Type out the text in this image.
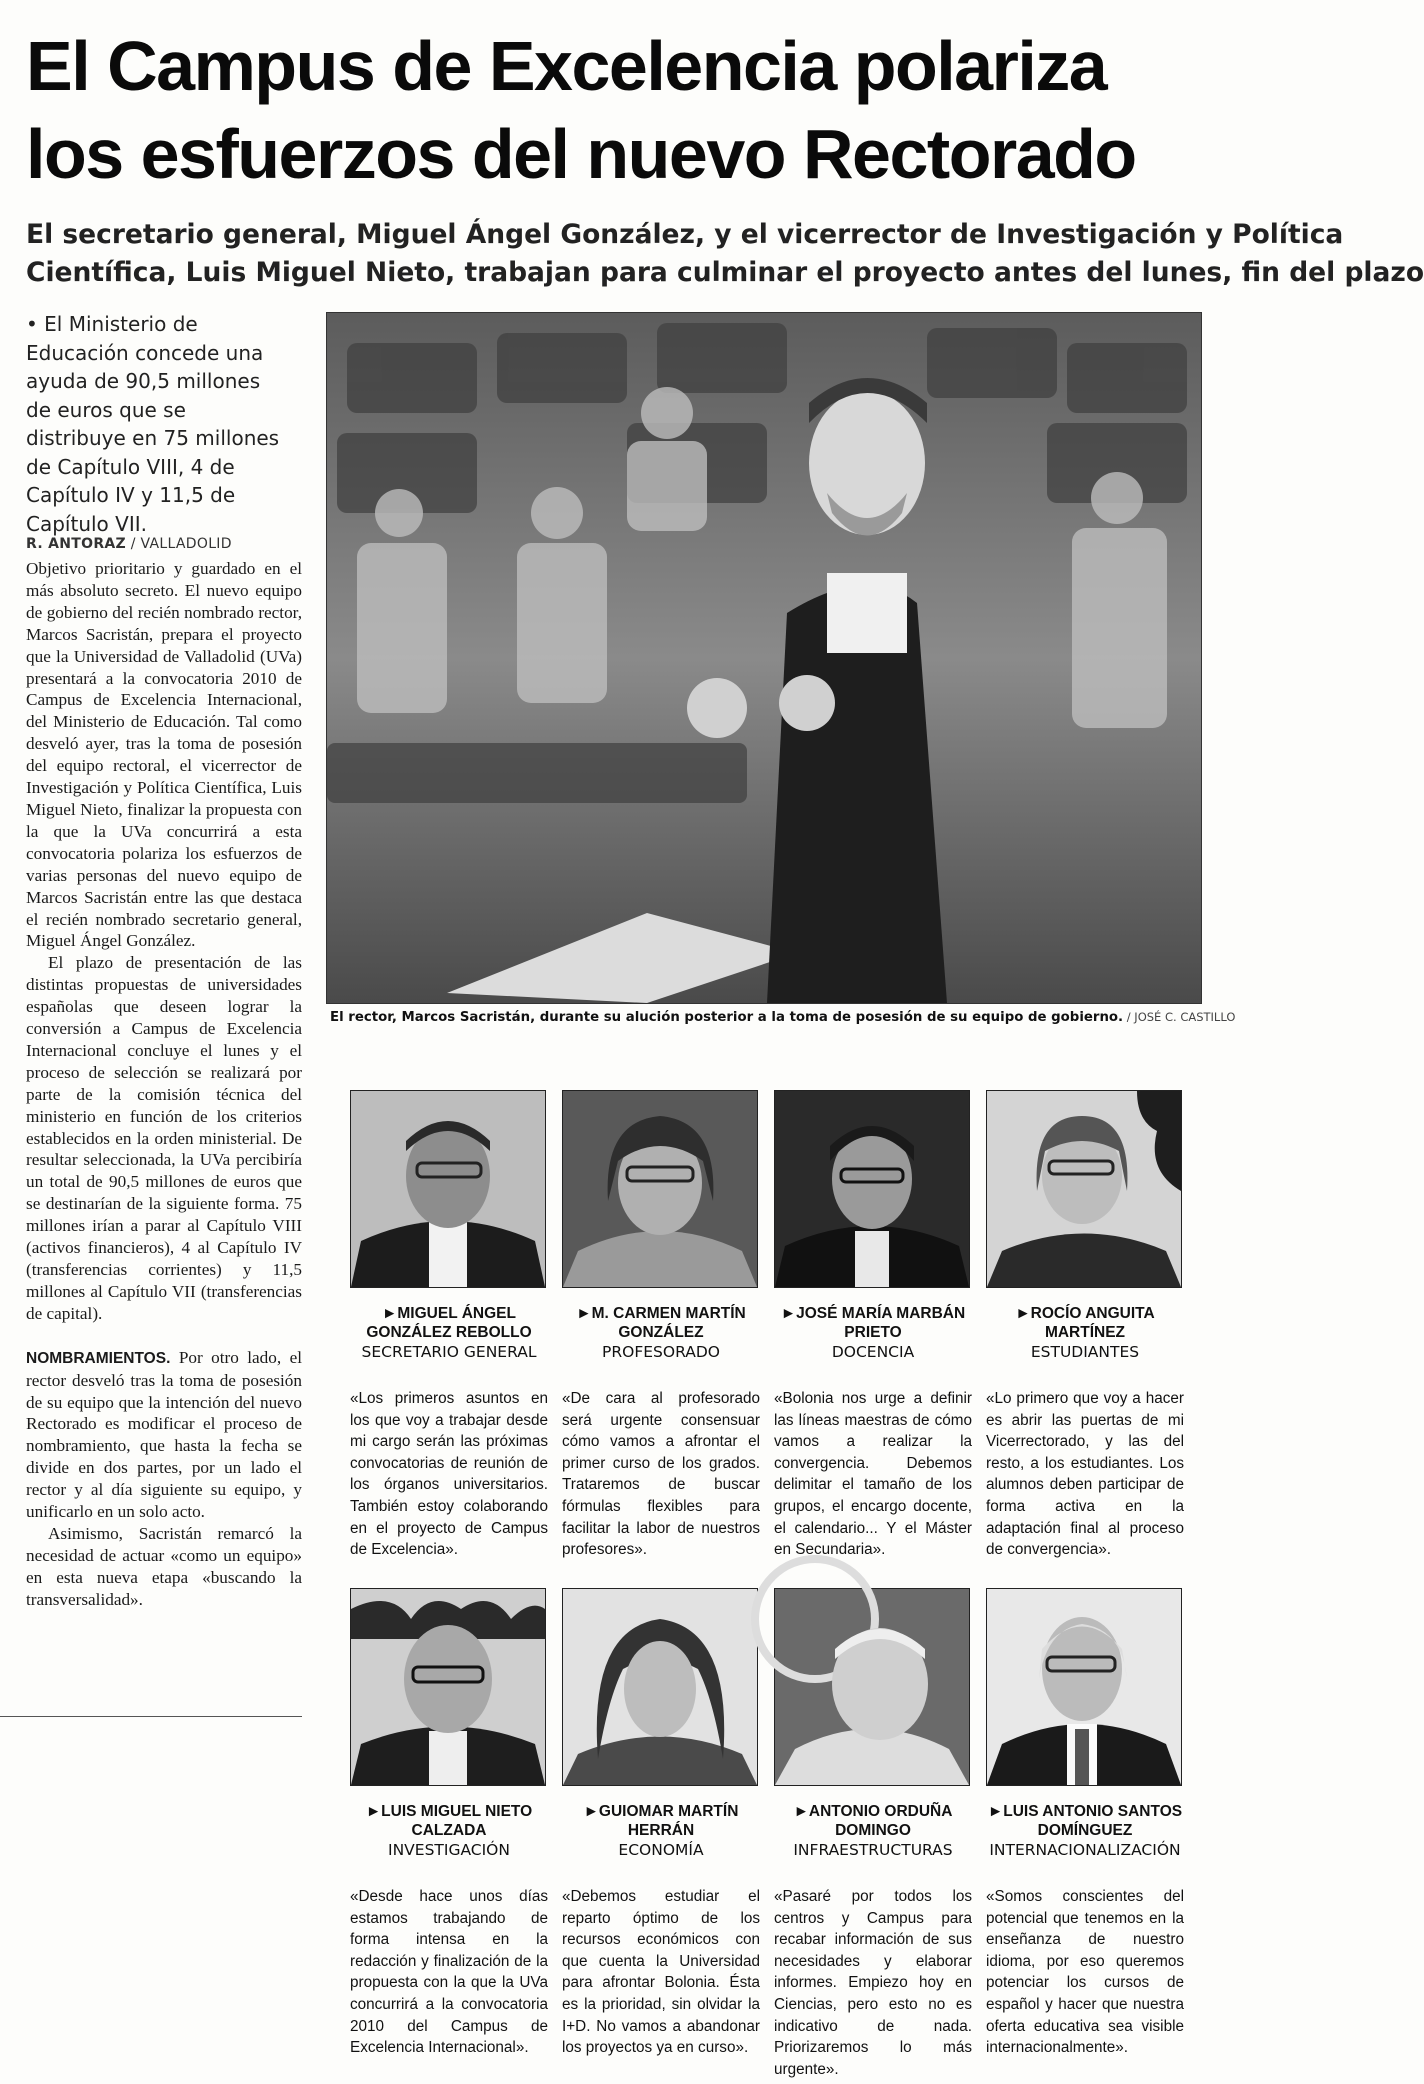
El Campus de Excelencia polariza
los esfuerzos del nuevo Rectorado
El secretario general, Miguel Ángel González, y el vicerrector de Investigación y Política
Científica, Luis Miguel Nieto, trabajan para culminar el proyecto antes del lunes, fin del plazo
• El Ministerio de Educación concede una ayuda de 90,5 millones de euros que se distribuye en 75 millones de Capítulo VIII, 4 de Capítulo IV y 11,5 de Capítulo VII.
R. ANTORAZ / VALLADOLID

Objetivo prioritario y guardado en el más absoluto secreto. El nuevo equipo de gobierno del recién nombrado rector, Marcos Sacristán, prepara el proyecto que la Universidad de Valladolid (UVa) presentará a la convocatoria 2010 de Campus de Excelencia Internacional, del Ministerio de Educación. Tal como desveló ayer, tras la toma de posesión del equipo rectoral, el vicerrector de Investigación y Política Científica, Luis Miguel Nieto, finalizar la propuesta con la que la UVa concurrirá a esta convocatoria polariza los esfuerzos de varias personas del nuevo equipo de Marcos Sacristán entre las que destaca el recién nombrado secretario general, Miguel Ángel González.

El plazo de presentación de las distintas propuestas de universidades españolas que deseen lograr la conversión a Campus de Excelencia Internacional concluye el lunes y el proceso de selección se realizará por parte de la comisión técnica del ministerio en función de los criterios establecidos en la orden ministerial. De resultar seleccionada, la UVa percibiría un total de 90,5 millones de euros que se destinarían de la siguiente forma. 75 millones irían a parar al Capítulo VIII (activos financieros), 4 al Capítulo IV (transferencias corrientes) y 11,5 millones al Capítulo VII (transferencias de capital).

NOMBRAMIENTOS. Por otro lado, el rector desveló tras la toma de posesión de su equipo que la intención del nuevo Rectorado es modificar el proceso de nombramiento, que hasta la fecha se divide en dos partes, por un lado el rector y al día siguiente su equipo, y unificarlo en un solo acto.

Asimismo, Sacristán remarcó la necesidad de actuar «como un equipo» en esta nueva etapa «buscando la transversalidad».

El rector, Marcos Sacristán, durante su alución posterior a la toma de posesión de su equipo de gobierno. / JOSÉ C. CASTILLO
►MIGUEL ÁNGEL GONZÁLEZ REBOLLO
SECRETARIO GENERAL
«Los primeros asuntos en los que voy a trabajar desde mi cargo serán las próximas convocatorias de reunión de los órganos universitarios. También estoy colaborando en el proyecto de Campus de Excelencia».
►M. CARMEN MARTÍN GONZÁLEZ
PROFESORADO
«De cara al profesorado será urgente consensuar cómo vamos a afrontar el primer curso de los grados. Trataremos de buscar fórmulas flexibles para facilitar la labor de nuestros profesores».
►JOSÉ MARÍA MARBÁN PRIETO
DOCENCIA
«Bolonia nos urge a definir las líneas maestras de cómo vamos a realizar la convergencia. Debemos delimitar el tamaño de los grupos, el encargo docente, el calendario... Y el Máster en Secundaria».
►ROCÍO ANGUITA MARTÍNEZ
ESTUDIANTES
«Lo primero que voy a hacer es abrir las puertas de mi Vicerrectorado, y las del resto, a los estudiantes. Los alumnos deben participar de forma activa en la adaptación final al proceso de convergencia».
►LUIS MIGUEL NIETO CALZADA
INVESTIGACIÓN
«Desde hace unos días estamos trabajando de forma intensa en la redacción y finalización de la propuesta con la que la UVa concurrirá a la convocatoria 2010 del Campus de Excelencia Internacional».
►GUIOMAR MARTÍN HERRÁN
ECONOMÍA
«Debemos estudiar el reparto óptimo de los recursos económicos con que cuenta la Universidad para afrontar Bolonia. Ésta es la prioridad, sin olvidar la I+D. No vamos a abandonar los proyectos ya en curso».
►ANTONIO ORDUÑA DOMINGO
INFRAESTRUCTURAS
«Pasaré por todos los centros y Campus para recabar información de sus necesidades y elaborar informes. Empiezo hoy en Ciencias, pero esto no es indicativo de nada. Priorizaremos lo más urgente».
►LUIS ANTONIO SANTOS DOMÍNGUEZ
INTERNACIONALIZACIÓN
«Somos conscientes del potencial que tenemos en la enseñanza de nuestro idioma, por eso queremos potenciar los cursos de español y hacer que nuestra oferta educativa sea visible internacionalmente».
